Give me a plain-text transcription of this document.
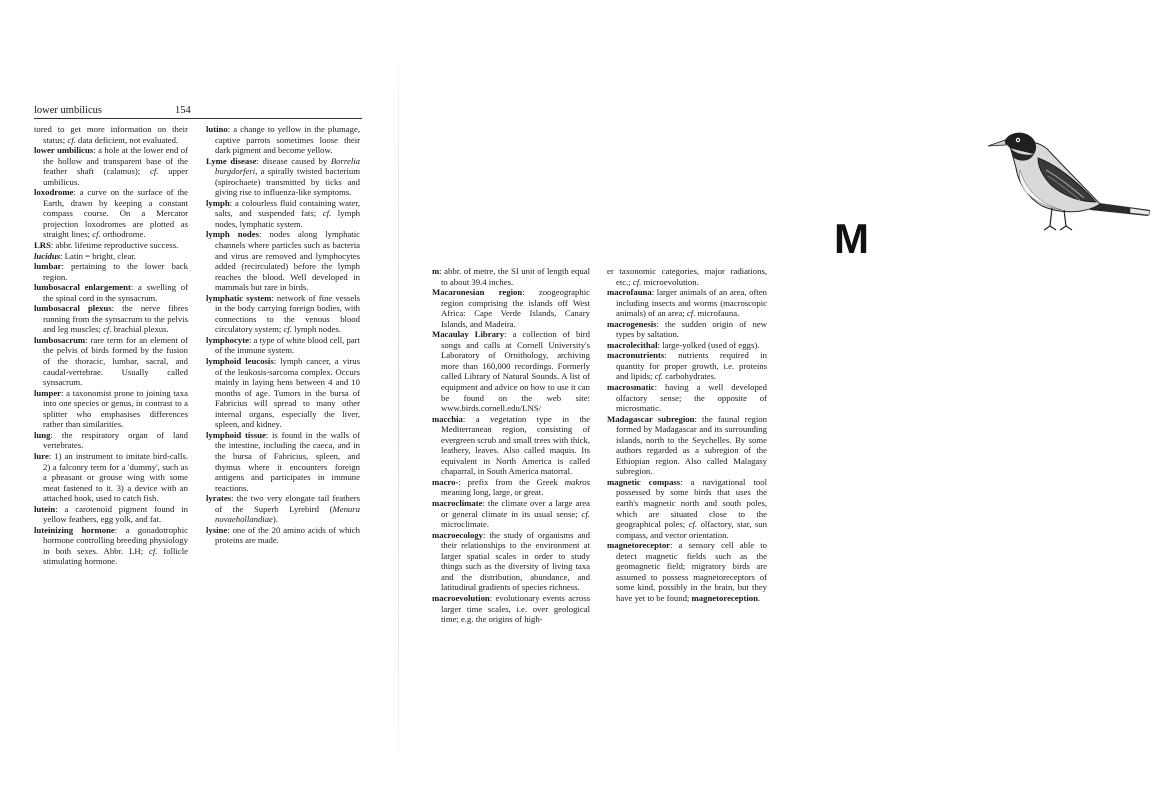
lower umbilicus	154

tored to get more information on their status; cf. data deficient, not evaluated.

lower umbilicus: a hole at the lower end of the hollow and transparent base of the feather shaft (calamus); cf. upper umbilicus.

loxodrome: a curve on the surface of the Earth, drawn by keeping a constant compass course. On a Mercator projection loxodromes are plotted as straight lines; cf. orthodrome.

LRS: abbr. lifetime reproductive success.

lucidus: Latin = bright, clear.

lumbar: pertaining to the lower back region.

lumbosacral enlargement: a swelling of the spinal cord in the synsacrum.

lumbosacral plexus: the nerve fibres running from the synsacrum to the pelvis and leg muscles; cf. brachial plexus.

lumbosacrum: rare term for an element of the pelvis of birds formed by the fusion of the thoracic, lumbar, sacral, and caudal-vertebrae. Usually called synsacrum.

lumper: a taxonomist prone to joining taxa into one species or genus, in contrast to a splitter who emphasises differences rather than similarities.

lung: the respiratory organ of land vertebrates.

lure: 1) an instrument to imitate bird-calls. 2) a falconry term for a 'dummy', such as a pheasant or grouse wing with some meat fastened to it. 3) a device with an attached hook, used to catch fish.

lutein: a carotenoid pigment found in yellow feathers, egg yolk, and fat.

luteinizing hormone: a gonadotrophic hormone controlling breeding physiology in both sexes. Abbr. LH; cf. follicle stimulating hormone.

lutino: a change to yellow in the plumage, captive parrots sometimes loose their dark pigment and become yellow.

Lyme disease: disease caused by Borrelia burgdorferi, a spirally twisted bacterium (spirochaete) transmitted by ticks and giving rise to influenza-like symptoms.

lymph: a colourless fluid containing water, salts, and suspended fats; cf. lymph nodes, lymphatic system.

lymph nodes: nodes along lymphatic channels where particles such as bacteria and virus are removed and lymphocytes added (recirculated) before the lymph reaches the blood. Well developed in mammals but rare in birds.

lymphatic system: network of fine vessels in the body carrying foreign bodies, with connections to the venous blood circulatory system; cf. lymph nodes.

lymphocyte: a type of white blood cell, part of the immune system.

lymphoid leucosis: lymph cancer, a virus of the leukosis-sarcoma complex. Occurs mainly in laying hens between 4 and 10 months of age. Tumors in the bursa of Fabricius will spread to many other internal organs, especially the liver, spleen, and kidney.

lymphoid tissue: is found in the walls of the intestine, including the caeca, and in the bursa of Fabricius, spleen, and thymus where it encounters foreign antigens and participates in immune reactions.

lyrates: the two very elongate tail feathers of the Superb Lyrebird (Menura novaehollandiae).

lysine: one of the 20 amino acids of which proteins are made.

M

m: abbr. of metre, the SI unit of length equal to about 39.4 inches.

Macaronesian region: zoogeographic region comprising the islands off West Africa: Cape Verde Islands, Canary Islands, and Madeira.

Macaulay Library: a collection of bird songs and calls at Cornell University's Laboratory of Ornithology, archiving more than 160,000 recordings. Formerly called Library of Natural Sounds. A list of equipment and advice on how to use it can be found on the web site: www.birds.cornell.edu/LNS/

macchia: a vegetation type in the Mediterranean region, consisting of evergreen scrub and small trees with thick, leathery, leaves. Also called maquis. Its equivalent in North America is called chaparral, in South America matorral.

macro-: prefix from the Greek makros meaning long, large, or great.

macroclimate: the climate over a large area or general climate in its usual sense; cf. microclimate.

macroecology: the study of organisms and their relationships to the environment at larger spatial scales in order to study things such as the diversity of living taxa and the distribution, abundance, and latitudinal gradients of species richness.

macroevolution: evolutionary events across larger time scales, i.e. over geological time; e.g. the origins of high-

er taxonomic categories, major radiations, etc.; cf. microevolution.

macrofauna: larger animals of an area, often including insects and worms (macroscopic animals) of an area; cf. microfauna.

macrogenesis: the sudden origin of new types by saltation.

macrolecithal: large-yolked (used of eggs).

macronutrients: nutrients required in quantity for proper growth, i.e. proteins and lipids; cf. carbohydrates.

macrosmatic: having a well developed olfactory sense; the opposite of microsmatic.

Madagascar subregion: the faunal region formed by Madagascar and its surrounding islands, north to the Seychelles. By some authors regarded as a subregion of the Ethiopian region. Also called Malagasy subregion.

magnetic compass: a navigational tool possessed by some birds that uses the earth's magnetic north and south poles, which are situated close to the geographical poles; cf. olfactory, star, sun compass, and vector orientation.

magnetoreceptor: a sensory cell able to detect magnetic fields such as the geomagnetic field; migratory birds are assumed to possess magnetoreceptors of some kind, possibly in the brain, but they have yet to be found; magnetoreception.
